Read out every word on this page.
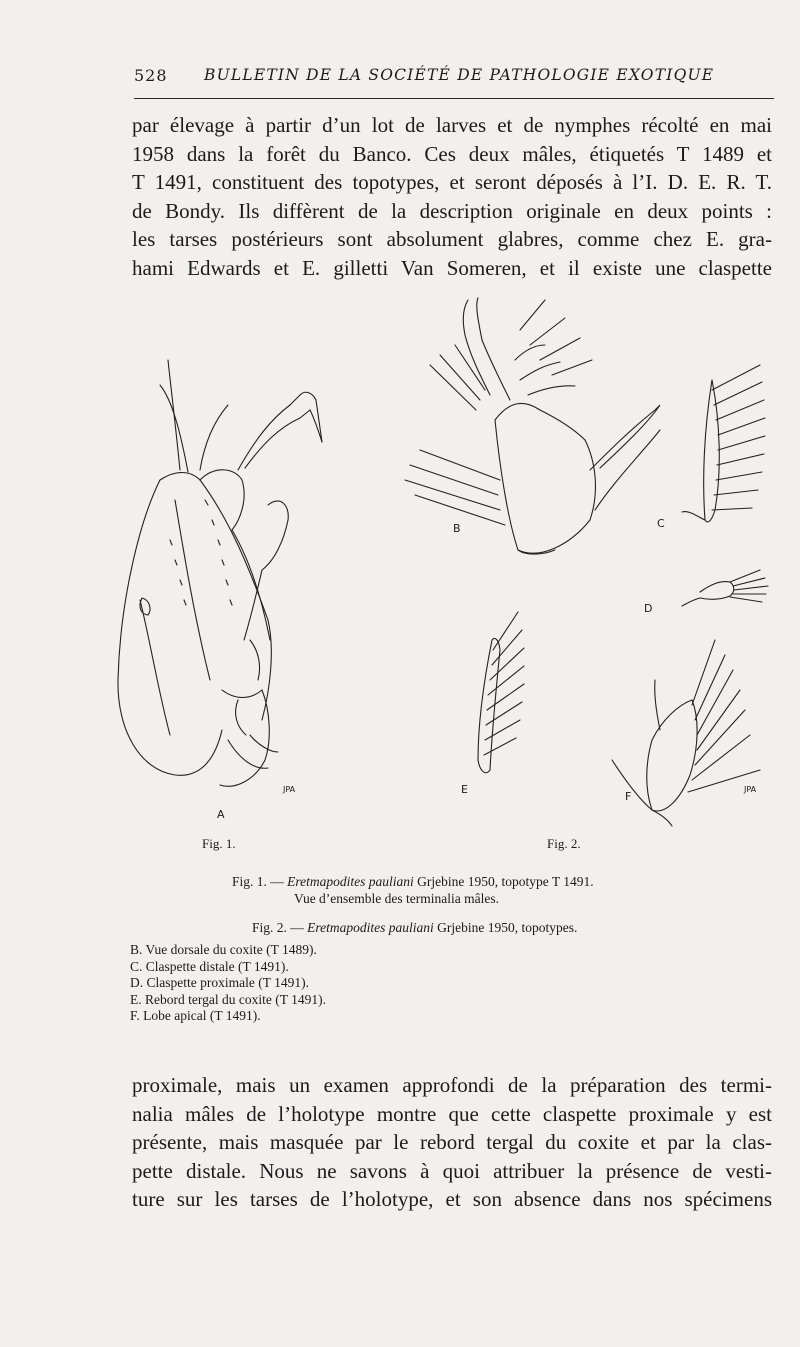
528 BULLETIN DE LA SOCIÉTÉ DE PATHOLOGIE EXOTIQUE
par élevage à partir d’un lot de larves et de nymphes récolté en mai
1958 dans la forêt du Banco. Ces deux mâles, étiquetés T 1489 et
T 1491, constituent des topotypes, et seront déposés à l’I. D. E. R. T.
de Bondy. Ils diffèrent de la description originale en deux points :
les tarses postérieurs sont absolument glabres, comme chez E. gra-
hami Edwards et E. gilletti Van Someren, et il existe une claspette
A
B	C
D
E
F
JPA	JPA
Fig. 1.	Fig. 2.
Fig. 1. — Eretmapodites pauliani Grjebine 1950, topotype T 1491.
Vue d’ensemble des terminalia mâles.
Fig. 2. — Eretmapodites pauliani Grjebine 1950, topotypes.
B. Vue dorsale du coxite (T 1489).
C. Claspette distale (T 1491).
D. Claspette proximale (T 1491).
E. Rebord tergal du coxite (T 1491).
F. Lobe apical (T 1491).
proximale, mais un examen approfondi de la préparation des termi-
nalia mâles de l’holotype montre que cette claspette proximale y est
présente, mais masquée par le rebord tergal du coxite et par la clas-
pette distale. Nous ne savons à quoi attribuer la présence de vesti-
ture sur les tarses de l’holotype, et son absence dans nos spécimens
